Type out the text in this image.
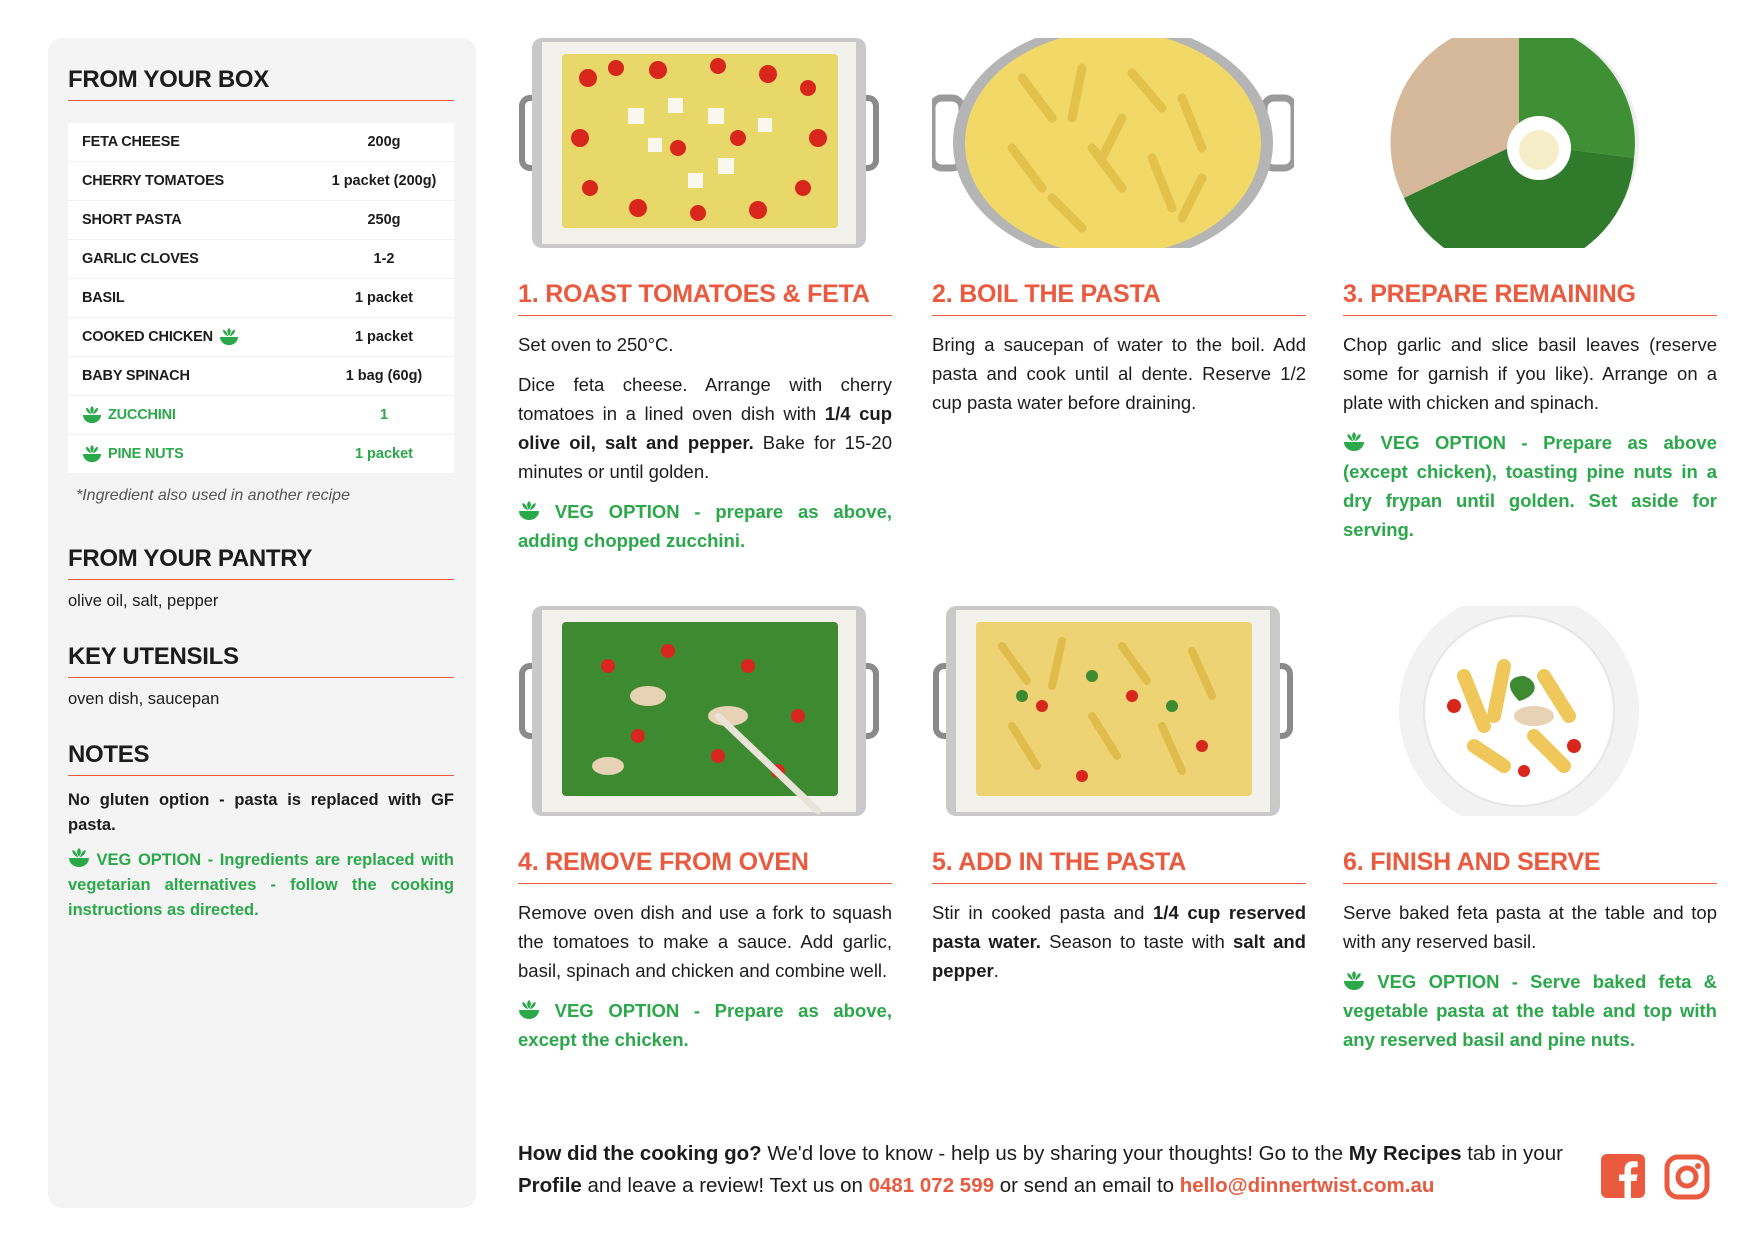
FROM YOUR BOX
FETA CHEESE	200g
CHERRY TOMATOES	1 packet (200g)
SHORT PASTA	250g
GARLIC CLOVES	1-2
BASIL	1 packet
COOKED CHICKEN	1 packet
BABY SPINACH	1 bag (60g)
ZUCCHINI	1
PINE NUTS	1 packet
*Ingredient also used in another recipe
FROM YOUR PANTRY
olive oil, salt, pepper
KEY UTENSILS
oven dish, saucepan
NOTES
No gluten option - pasta is replaced with GF pasta.
VEG OPTION - Ingredients are replaced with vegetarian alternatives - follow the cooking instructions as directed.
1. ROAST TOMATOES & FETA

Set oven to 250°C.

Dice feta cheese. Arrange with cherry tomatoes in a lined oven dish with 1/4 cup olive oil, salt and pepper. Bake for 15-20 minutes or until golden.

VEG OPTION - prepare as above, adding chopped zucchini.

2. BOIL THE PASTA

Bring a saucepan of water to the boil. Add pasta and cook until al dente. Reserve 1/2 cup pasta water before draining.

3. PREPARE REMAINING

Chop garlic and slice basil leaves (reserve some for garnish if you like). Arrange on a plate with chicken and spinach.

VEG OPTION - Prepare as above (except chicken), toasting pine nuts in a dry frypan until golden. Set aside for serving.

4. REMOVE FROM OVEN

Remove oven dish and use a fork to squash the tomatoes to make a sauce. Add garlic, basil, spinach and chicken and combine well.

VEG OPTION - Prepare as above, except the chicken.

5. ADD IN THE PASTA

Stir in cooked pasta and 1/4 cup reserved pasta water. Season to taste with salt and pepper.

6. FINISH AND SERVE

Serve baked feta pasta at the table and top with any reserved basil.

VEG OPTION - Serve baked feta & vegetable pasta at the table and top with any reserved basil and pine nuts.

How did the cooking go? We'd love to know - help us by sharing your thoughts! Go to the My Recipes tab in your Profile and leave a review! Text us on 0481 072 599 or send an email to hello@dinnertwist.com.au
